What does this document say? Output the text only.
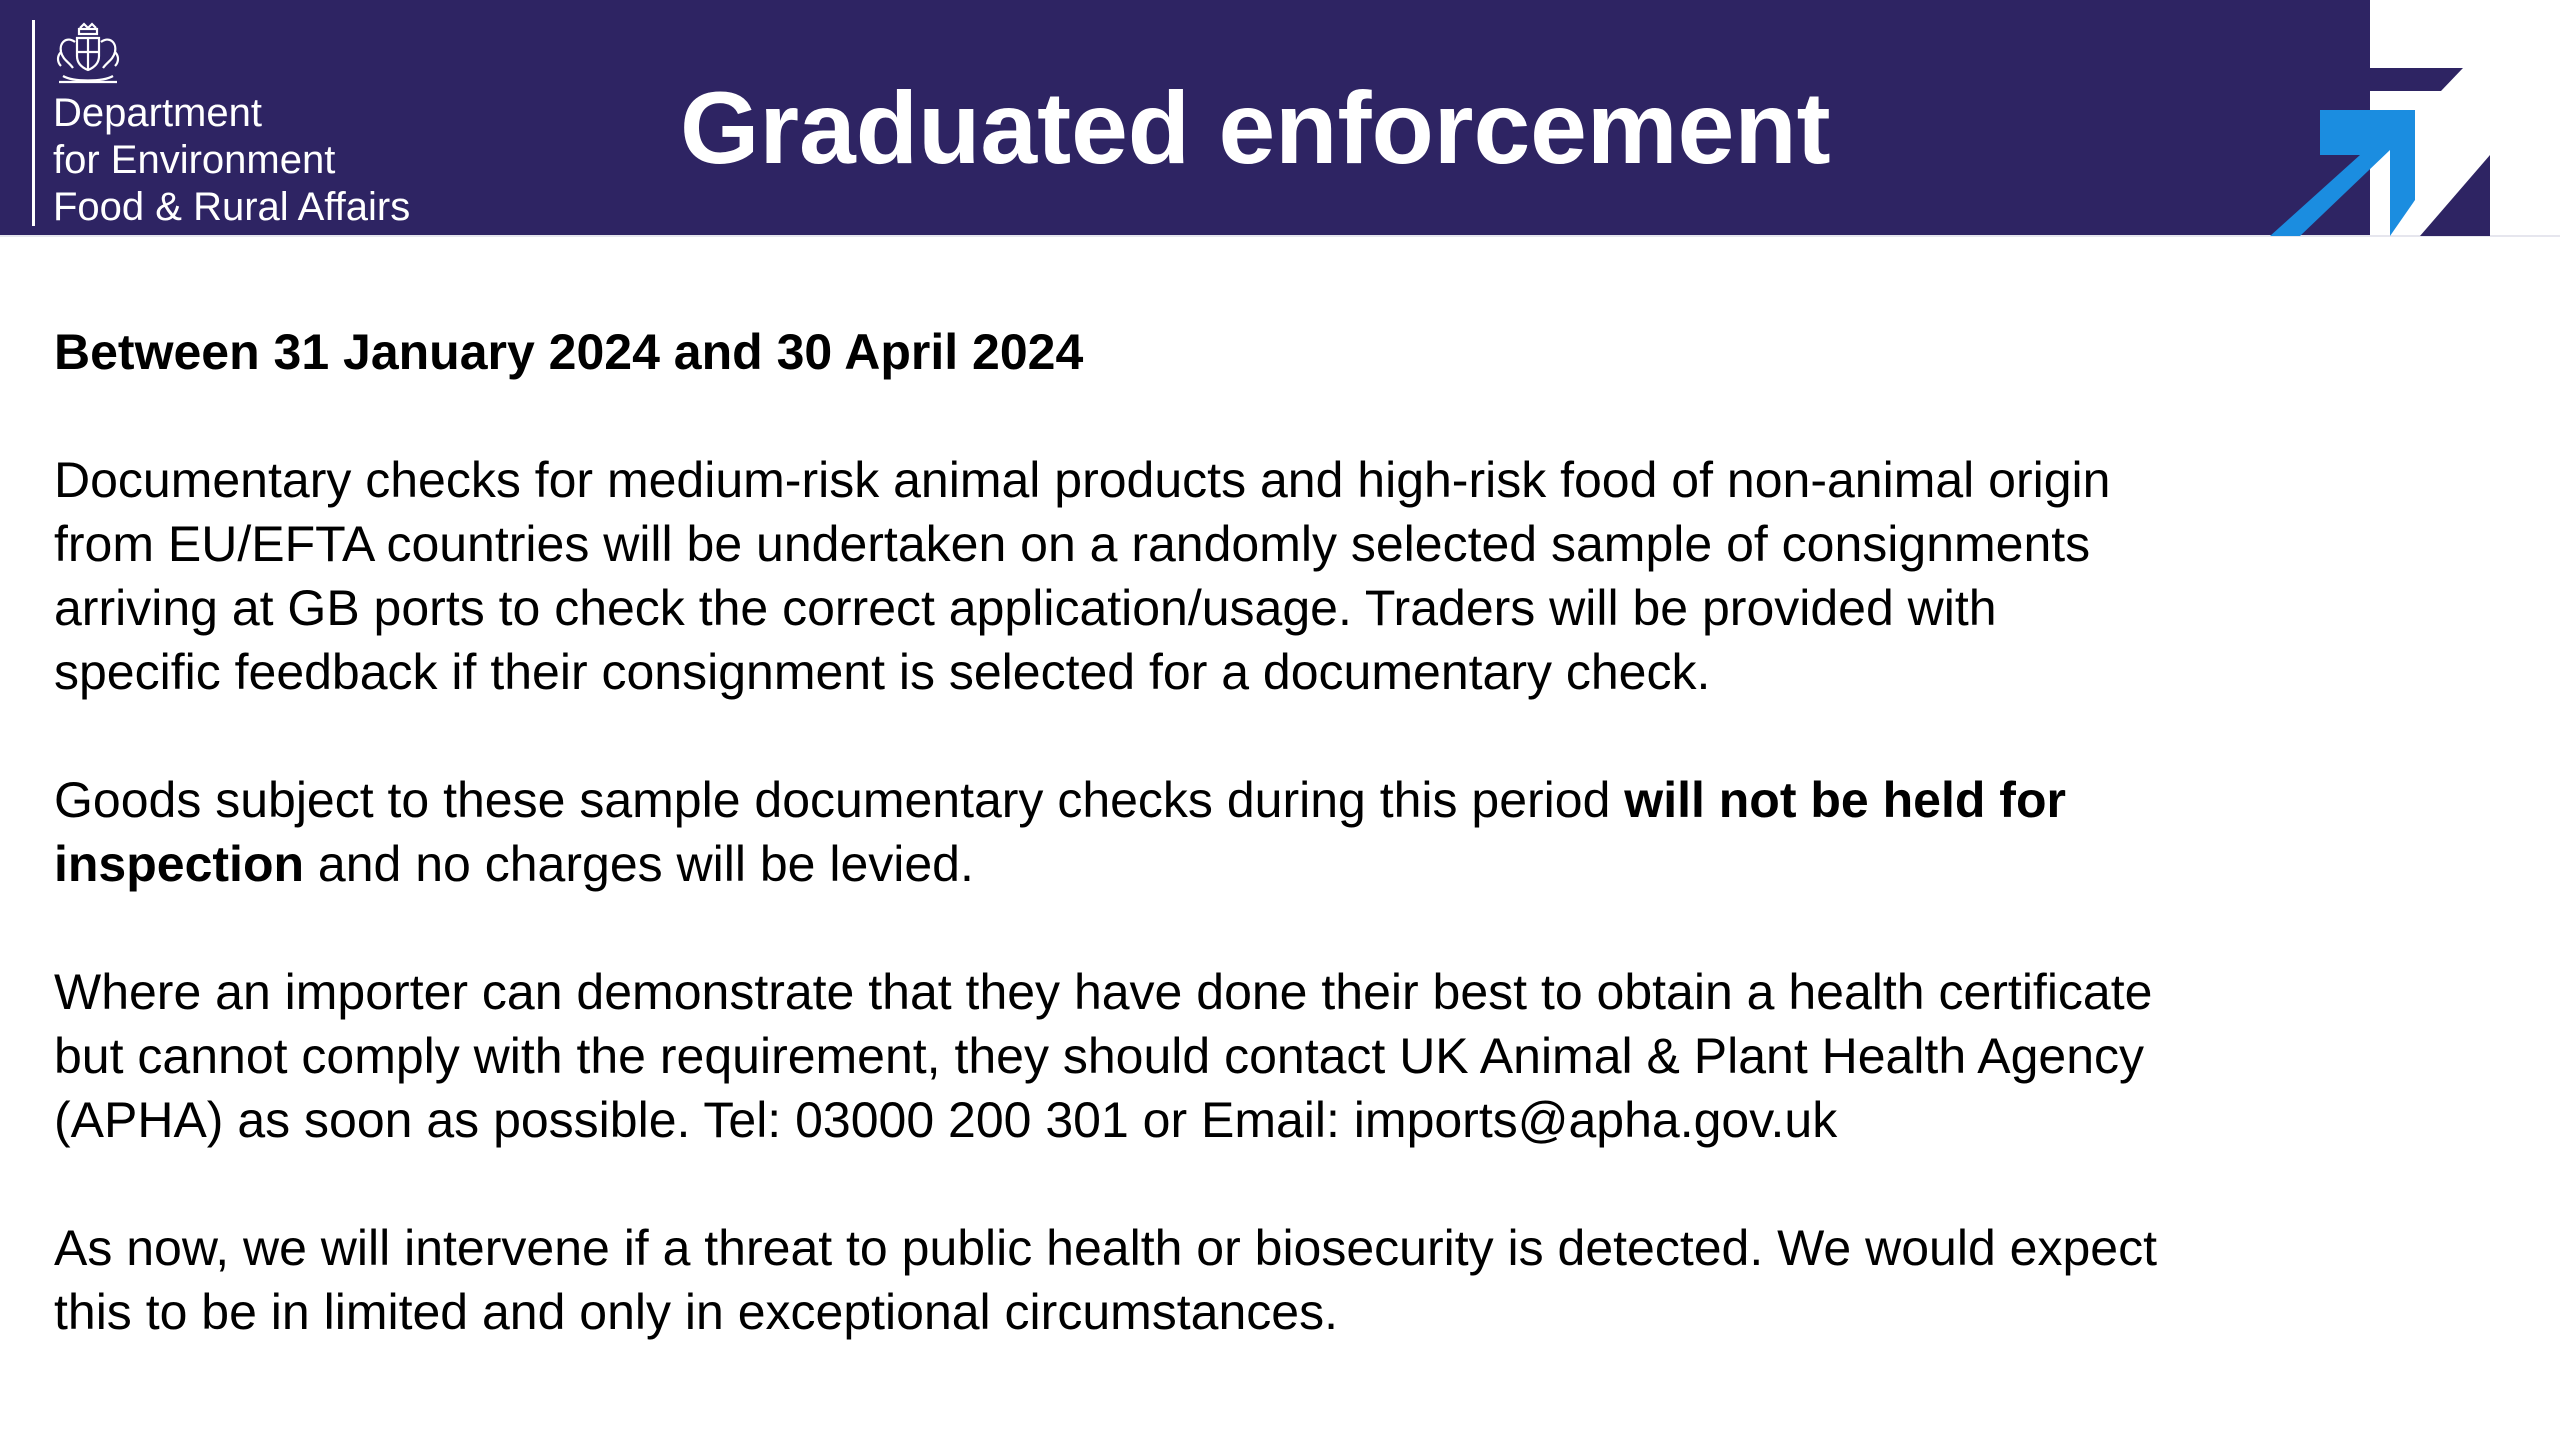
Department
for Environment
Food & Rural Affairs
Graduated enforcement
Between 31 January 2024 and 30 April 2024
Documentary checks for medium-risk animal products and high-risk food of non-animal origin
from EU/EFTA countries will be undertaken on a randomly selected sample of consignments
arriving at GB ports to check the correct application/usage. Traders will be provided with
specific feedback if their consignment is selected for a documentary check.
Goods subject to these sample documentary checks during this period will not be held for
inspection and no charges will be levied.
Where an importer can demonstrate that they have done their best to obtain a health certificate
but cannot comply with the requirement, they should contact UK Animal & Plant Health Agency
(APHA) as soon as possible. Tel: 03000 200 301 or Email: imports@apha.gov.uk
As now, we will intervene if a threat to public health or biosecurity is detected. We would expect
this to be in limited and only in exceptional circumstances.
